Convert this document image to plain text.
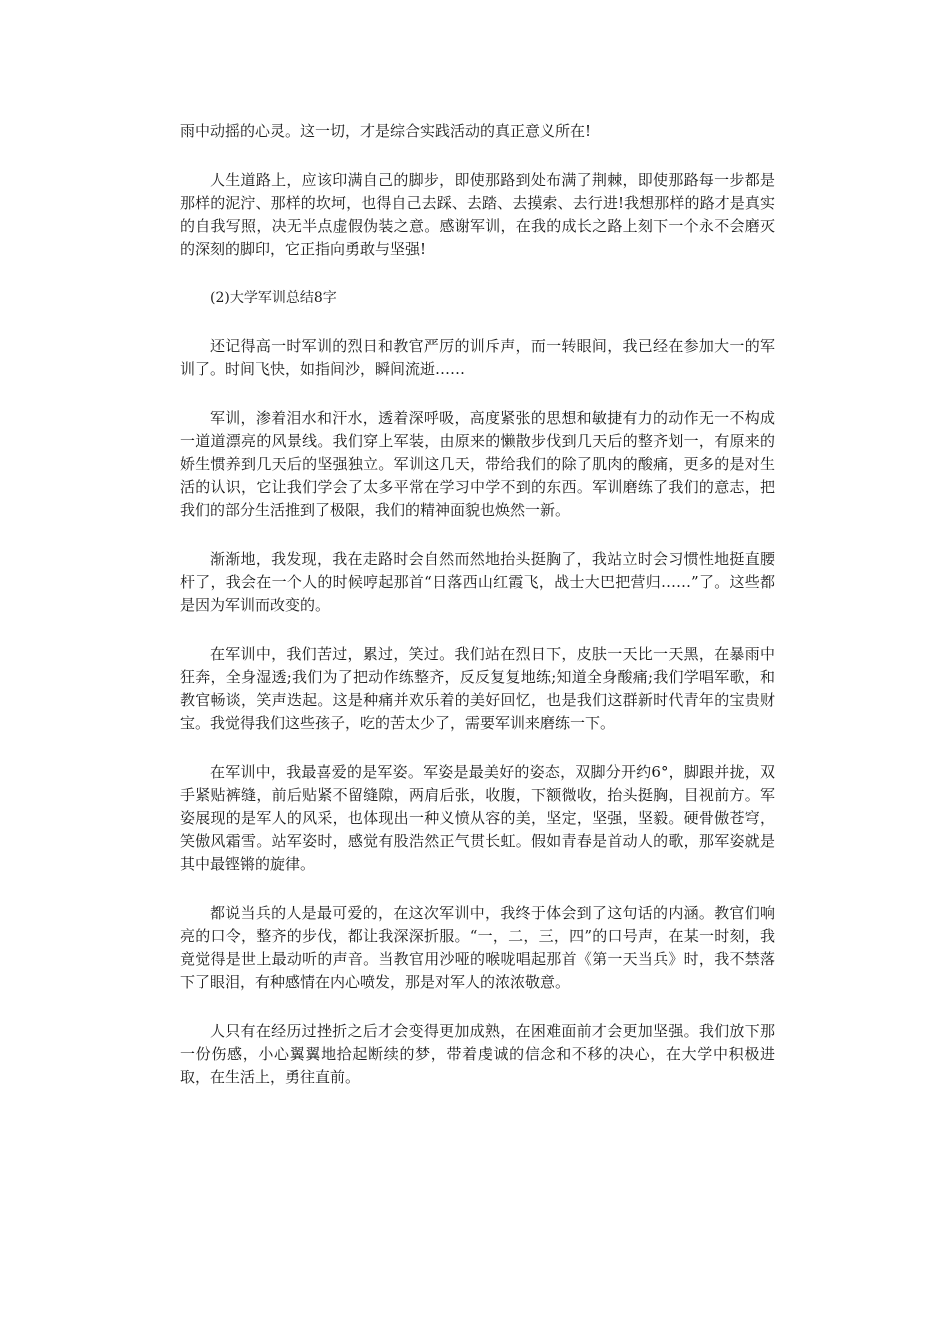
雨中动摇的心灵。这一切，才是综合实践活动的真正意义所在!

人生道路上，应该印满自己的脚步，即使那路到处布满了荆棘，即使那路每一步都是那样的泥泞、那样的坎坷，也得自己去踩、去踏、去摸索、去行进!我想那样的路才是真实的自我写照，决无半点虚假伪装之意。感谢军训，在我的成长之路上刻下一个永不会磨灭的深刻的脚印，它正指向勇敢与坚强!

(2)大学军训总结8字

还记得高一时军训的烈日和教官严厉的训斥声，而一转眼间，我已经在参加大一的军训了。时间飞快，如指间沙，瞬间流逝……

军训，渗着泪水和汗水，透着深呼吸，高度紧张的思想和敏捷有力的动作无一不构成一道道漂亮的风景线。我们穿上军装，由原来的懒散步伐到几天后的整齐划一，有原来的娇生惯养到几天后的坚强独立。军训这几天，带给我们的除了肌肉的酸痛，更多的是对生活的认识，它让我们学会了太多平常在学习中学不到的东西。军训磨练了我们的意志，把我们的部分生活推到了极限，我们的精神面貌也焕然一新。

渐渐地，我发现，我在走路时会自然而然地抬头挺胸了，我站立时会习惯性地挺直腰杆了，我会在一个人的时候哼起那首“日落西山红霞飞，战士大巴把营归……”了。这些都是因为军训而改变的。

在军训中，我们苦过，累过，笑过。我们站在烈日下，皮肤一天比一天黑，在暴雨中狂奔，全身湿透;我们为了把动作练整齐，反反复复地练;知道全身酸痛;我们学唱军歌，和教官畅谈，笑声迭起。这是种痛并欢乐着的美好回忆，也是我们这群新时代青年的宝贵财宝。我觉得我们这些孩子，吃的苦太少了，需要军训来磨练一下。

在军训中，我最喜爱的是军姿。军姿是最美好的姿态，双脚分开约6°，脚跟并拢，双手紧贴裤缝，前后贴紧不留缝隙，两肩后张，收腹，下额微收，抬头挺胸，目视前方。军姿展现的是军人的风采，也体现出一种义愤从容的美，坚定，坚强，坚毅。硬骨傲苍穹，笑傲风霜雪。站军姿时，感觉有股浩然正气贯长虹。假如青春是首动人的歌，那军姿就是其中最铿锵的旋律。

都说当兵的人是最可爱的，在这次军训中，我终于体会到了这句话的内涵。教官们响亮的口令，整齐的步伐，都让我深深折服。“一，二，三，四”的口号声，在某一时刻，我竟觉得是世上最动听的声音。当教官用沙哑的喉咙唱起那首《第一天当兵》时，我不禁落下了眼泪，有种感情在内心喷发，那是对军人的浓浓敬意。

人只有在经历过挫折之后才会变得更加成熟，在困难面前才会更加坚强。我们放下那一份伤感，小心翼翼地拾起断续的梦，带着虔诚的信念和不移的决心，在大学中积极进取，在生活上，勇往直前。
